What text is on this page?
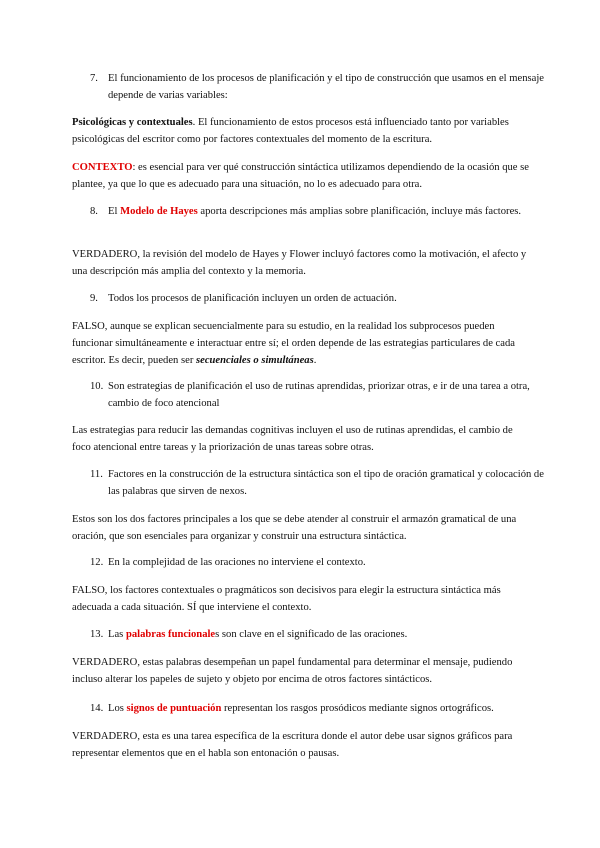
7. El funcionamiento de los procesos de planificación y el tipo de construcción que usamos en el mensaje depende de varias variables:

Psicológicas y contextuales. El funcionamiento de estos procesos está influenciado tanto por variables psicológicas del escritor como por factores contextuales del momento de la escritura.

CONTEXTO: es esencial para ver qué construcción sintáctica utilizamos dependiendo de la ocasión que se plantee, ya que lo que es adecuado para una situación, no lo es adecuado para otra.

8. El Modelo de Hayes aporta descripciones más amplias sobre planificación, incluye más factores.

VERDADERO, la revisión del modelo de Hayes y Flower incluyó factores como la motivación, el afecto y una descripción más amplia del contexto y la memoria.

9. Todos los procesos de planificación incluyen un orden de actuación.

FALSO, aunque se explican secuencialmente para su estudio, en la realidad los subprocesos pueden funcionar simultáneamente e interactuar entre sí; el orden depende de las estrategias particulares de cada escritor. Es decir, pueden ser secuenciales o simultáneas.

10. Son estrategias de planificación el uso de rutinas aprendidas, priorizar otras, e ir de una tarea a otra, cambio de foco atencional

Las estrategias para reducir las demandas cognitivas incluyen el uso de rutinas aprendidas, el cambio de foco atencional entre tareas y la priorización de unas tareas sobre otras.

11. Factores en la construcción de la estructura sintáctica son el tipo de oración gramatical y colocación de las palabras que sirven de nexos.

Estos son los dos factores principales a los que se debe atender al construir el armazón gramatical de una oración, que son esenciales para organizar y construir una estructura sintáctica.

12. En la complejidad de las oraciones no interviene el contexto.

FALSO, los factores contextuales o pragmáticos son decisivos para elegir la estructura sintáctica más adecuada a cada situación. SÍ que interviene el contexto.

13. Las palabras funcionales son clave en el significado de las oraciones.

VERDADERO, estas palabras desempeñan un papel fundamental para determinar el mensaje, pudiendo incluso alterar los papeles de sujeto y objeto por encima de otros factores sintácticos.

14. Los signos de puntuación representan los rasgos prosódicos mediante signos ortográficos.

VERDADERO, esta es una tarea específica de la escritura donde el autor debe usar signos gráficos para representar elementos que en el habla son entonación o pausas.
